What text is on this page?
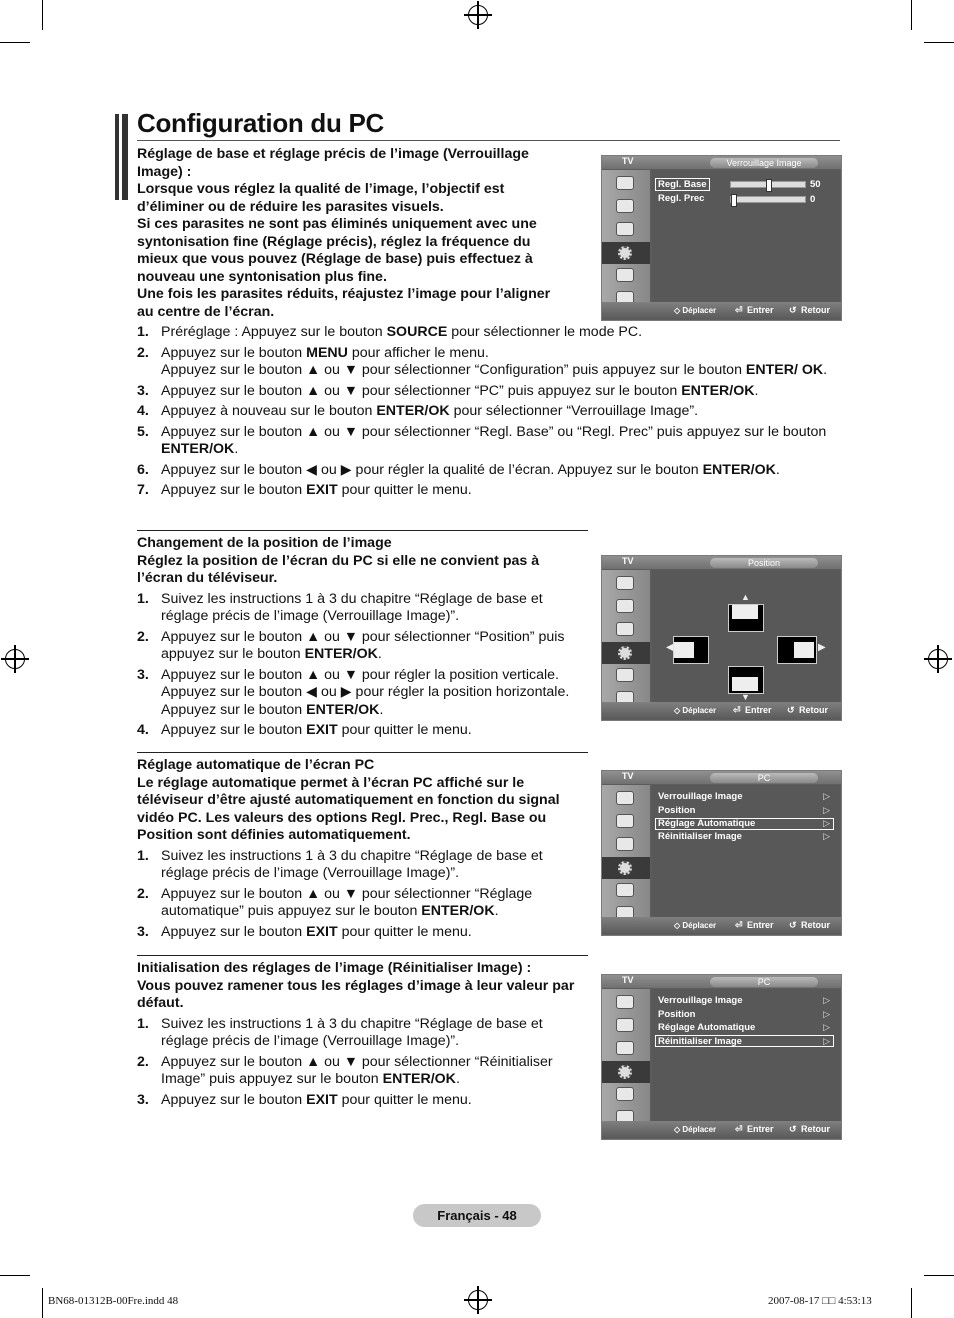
Configuration du PC
Réglage de base et réglage précis de l’image (Verrouillage
Image) :
Lorsque vous réglez la qualité de l’image, l’objectif est
d’éliminer ou de réduire les parasites visuels.
Si ces parasites ne sont pas éliminés uniquement avec une
syntonisation fine (Réglage précis), réglez la fréquence du
mieux que vous pouvez (Réglage de base) puis effectuez à
nouveau une syntonisation plus fine.
Une fois les parasites réduits, réajustez l’image pour l’aligner
au centre de l’écran.
1. Préréglage : Appuyez sur le bouton SOURCE pour sélectionner le mode PC.
2. Appuyez sur le bouton MENU pour afficher le menu.
Appuyez sur le bouton ▲ ou ▼ pour sélectionner “Configuration” puis appuyez sur le bouton ENTER/ OK.
3. Appuyez sur le bouton ▲ ou ▼ pour sélectionner “PC” puis appuyez sur le bouton ENTER/OK.
4. Appuyez à nouveau sur le bouton ENTER/OK pour sélectionner “Verrouillage Image”.
5. Appuyez sur le bouton ▲ ou ▼ pour sélectionner “Regl. Base” ou “Regl. Prec” puis appuyez sur le bouton ENTER/OK.
6. Appuyez sur le bouton ◀ ou ▶ pour régler la qualité de l’écran. Appuyez sur le bouton ENTER/OK.
7. Appuyez sur le bouton EXIT pour quitter le menu.
Changement de la position de l’image
Réglez la position de l’écran du PC si elle ne convient pas à l’écran du téléviseur.
1. Suivez les instructions 1 à 3 du chapitre “Réglage de base et réglage précis de l’image (Verrouillage Image)”.
2. Appuyez sur le bouton ▲ ou ▼ pour sélectionner “Position” puis appuyez sur le bouton ENTER/OK.
3. Appuyez sur le bouton ▲ ou ▼ pour régler la position verticale. Appuyez sur le bouton ◀ ou ▶ pour régler la position horizontale. Appuyez sur le bouton ENTER/OK.
4. Appuyez sur le bouton EXIT pour quitter le menu.
Réglage automatique de l’écran PC
Le réglage automatique permet à l’écran PC affiché sur le téléviseur d’être ajusté automatiquement en fonction du signal vidéo PC. Les valeurs des options Regl. Prec., Regl. Base ou Position sont définies automatiquement.
1. Suivez les instructions 1 à 3 du chapitre “Réglage de base et réglage précis de l’image (Verrouillage Image)”.
2. Appuyez sur le bouton ▲ ou ▼ pour sélectionner “Réglage automatique” puis appuyez sur le bouton ENTER/OK.
3. Appuyez sur le bouton EXIT pour quitter le menu.
Initialisation des réglages de l’image (Réinitialiser Image) :
Vous pouvez ramener tous les réglages d’image à leur valeur par défaut.
1. Suivez les instructions 1 à 3 du chapitre “Réglage de base et réglage précis de l’image (Verrouillage Image)”.
2. Appuyez sur le bouton ▲ ou ▼ pour sélectionner “Réinitialiser Image” puis appuyez sur le bouton ENTER/OK.
3. Appuyez sur le bouton EXIT pour quitter le menu.
TV	Verrouillage Image
Regl. Base	50
Regl. Prec	0
◇ Déplacer ⏎ Entrer ↺ Retour
TV	Position
▲
▼
◀	▶
◇ Déplacer ⏎ Entrer ↺ Retour
TV	PC
Verrouillage Image	▷
Position	▷
Réglage Automatique	▷
Réinitialiser Image	▷
◇ Déplacer ⏎ Entrer ↺ Retour
TV	PC
Verrouillage Image	▷
Position	▷
Réglage Automatique	▷
Réinitialiser Image	▷
◇ Déplacer ⏎ Entrer ↺ Retour
Français - 48
BN68-01312B-00Fre.indd 48	2007-08-17 □□ 4:53:13
